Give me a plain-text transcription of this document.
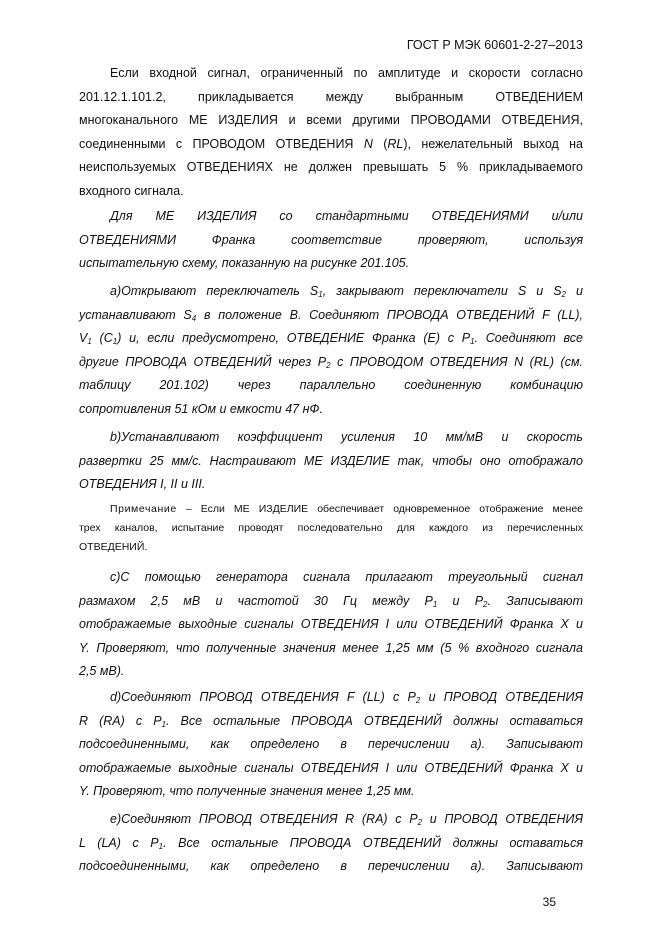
ГОСТ Р МЭК 60601-2-27–2013

Если входной сигнал, ограниченный по амплитуде и скорости согласно

201.12.1.101.2, прикладывается между выбранным ОТВЕДЕНИЕМ

многоканального МЕ ИЗДЕЛИЯ и всеми другими ПРОВОДАМИ ОТВЕДЕНИЯ,

соединенными с ПРОВОДОМ ОТВЕДЕНИЯ N (RL), нежелательный выход на

неиспользуемых ОТВЕДЕНИЯХ не должен превышать 5 % прикладываемого

входного сигнала.

Для МЕ ИЗДЕЛИЯ со стандартными ОТВЕДЕНИЯМИ и/или

ОТВЕДЕНИЯМИ Франка соответствие проверяют, используя

испытательную схему, показанную на рисунке 201.105.

а)Открывают переключатель $S_1$, закрывают переключатели S и $S_2$ и

устанавливают $S_4$ в положение В. Соединяют ПРОВОДА ОТВЕДЕНИЙ F (LL),

$V_1$ $(С_1)$ и, если предусмотрено, ОТВЕДЕНИЕ Франка (Е) с $Р_1$. Соединяют все

другие ПРОВОДА ОТВЕДЕНИЙ через $Р_2$ с ПРОВОДОМ ОТВЕДЕНИЯ N (RL) (см.

таблицу 201.102) через параллельно соединенную комбинацию

сопротивления 51 кОм и емкости 47 нФ.

b)Устанавливают коэффициент усиления 10 мм/мВ и скорость

развертки 25 мм/с. Настраивают МЕ ИЗДЕЛИЕ так, чтобы оно отображало

ОТВЕДЕНИЯ I, II и III.

Примечание – Если МЕ ИЗДЕЛИЕ обеспечивает одновременное отображение менее

трех каналов, испытание проводят последовательно для каждого из перечисленных

ОТВЕДЕНИЙ.

с)С помощью генератора сигнала прилагают треугольный сигнал

размахом 2,5 мВ и частотой 30 Гц между $Р_1$ и $Р_2$. Записывают

отображаемые выходные сигналы ОТВЕДЕНИЯ I или ОТВЕДЕНИЙ Франка X и

Y. Проверяют, что полученные значения менее 1,25 мм (5 % входного сигнала

2,5 мВ).

d)Соединяют ПРОВОД ОТВЕДЕНИЯ F (LL) с $Р_2$ и ПРОВОД ОТВЕДЕНИЯ

R (RA) с $Р_1$. Все остальные ПРОВОДА ОТВЕДЕНИЙ должны оставаться

подсоединенными, как определено в перечислении а). Записывают

отображаемые выходные сигналы ОТВЕДЕНИЯ I или ОТВЕДЕНИЙ Франка X и

Y. Проверяют, что полученные значения менее 1,25 мм.

е)Соединяют ПРОВОД ОТВЕДЕНИЯ R (RA) с $Р_2$ и ПРОВОД ОТВЕДЕНИЯ

L (LA) с $Р_1$. Все остальные ПРОВОДА ОТВЕДЕНИЙ должны оставаться

подсоединенными, как определено в перечислении а). Записывают

35
